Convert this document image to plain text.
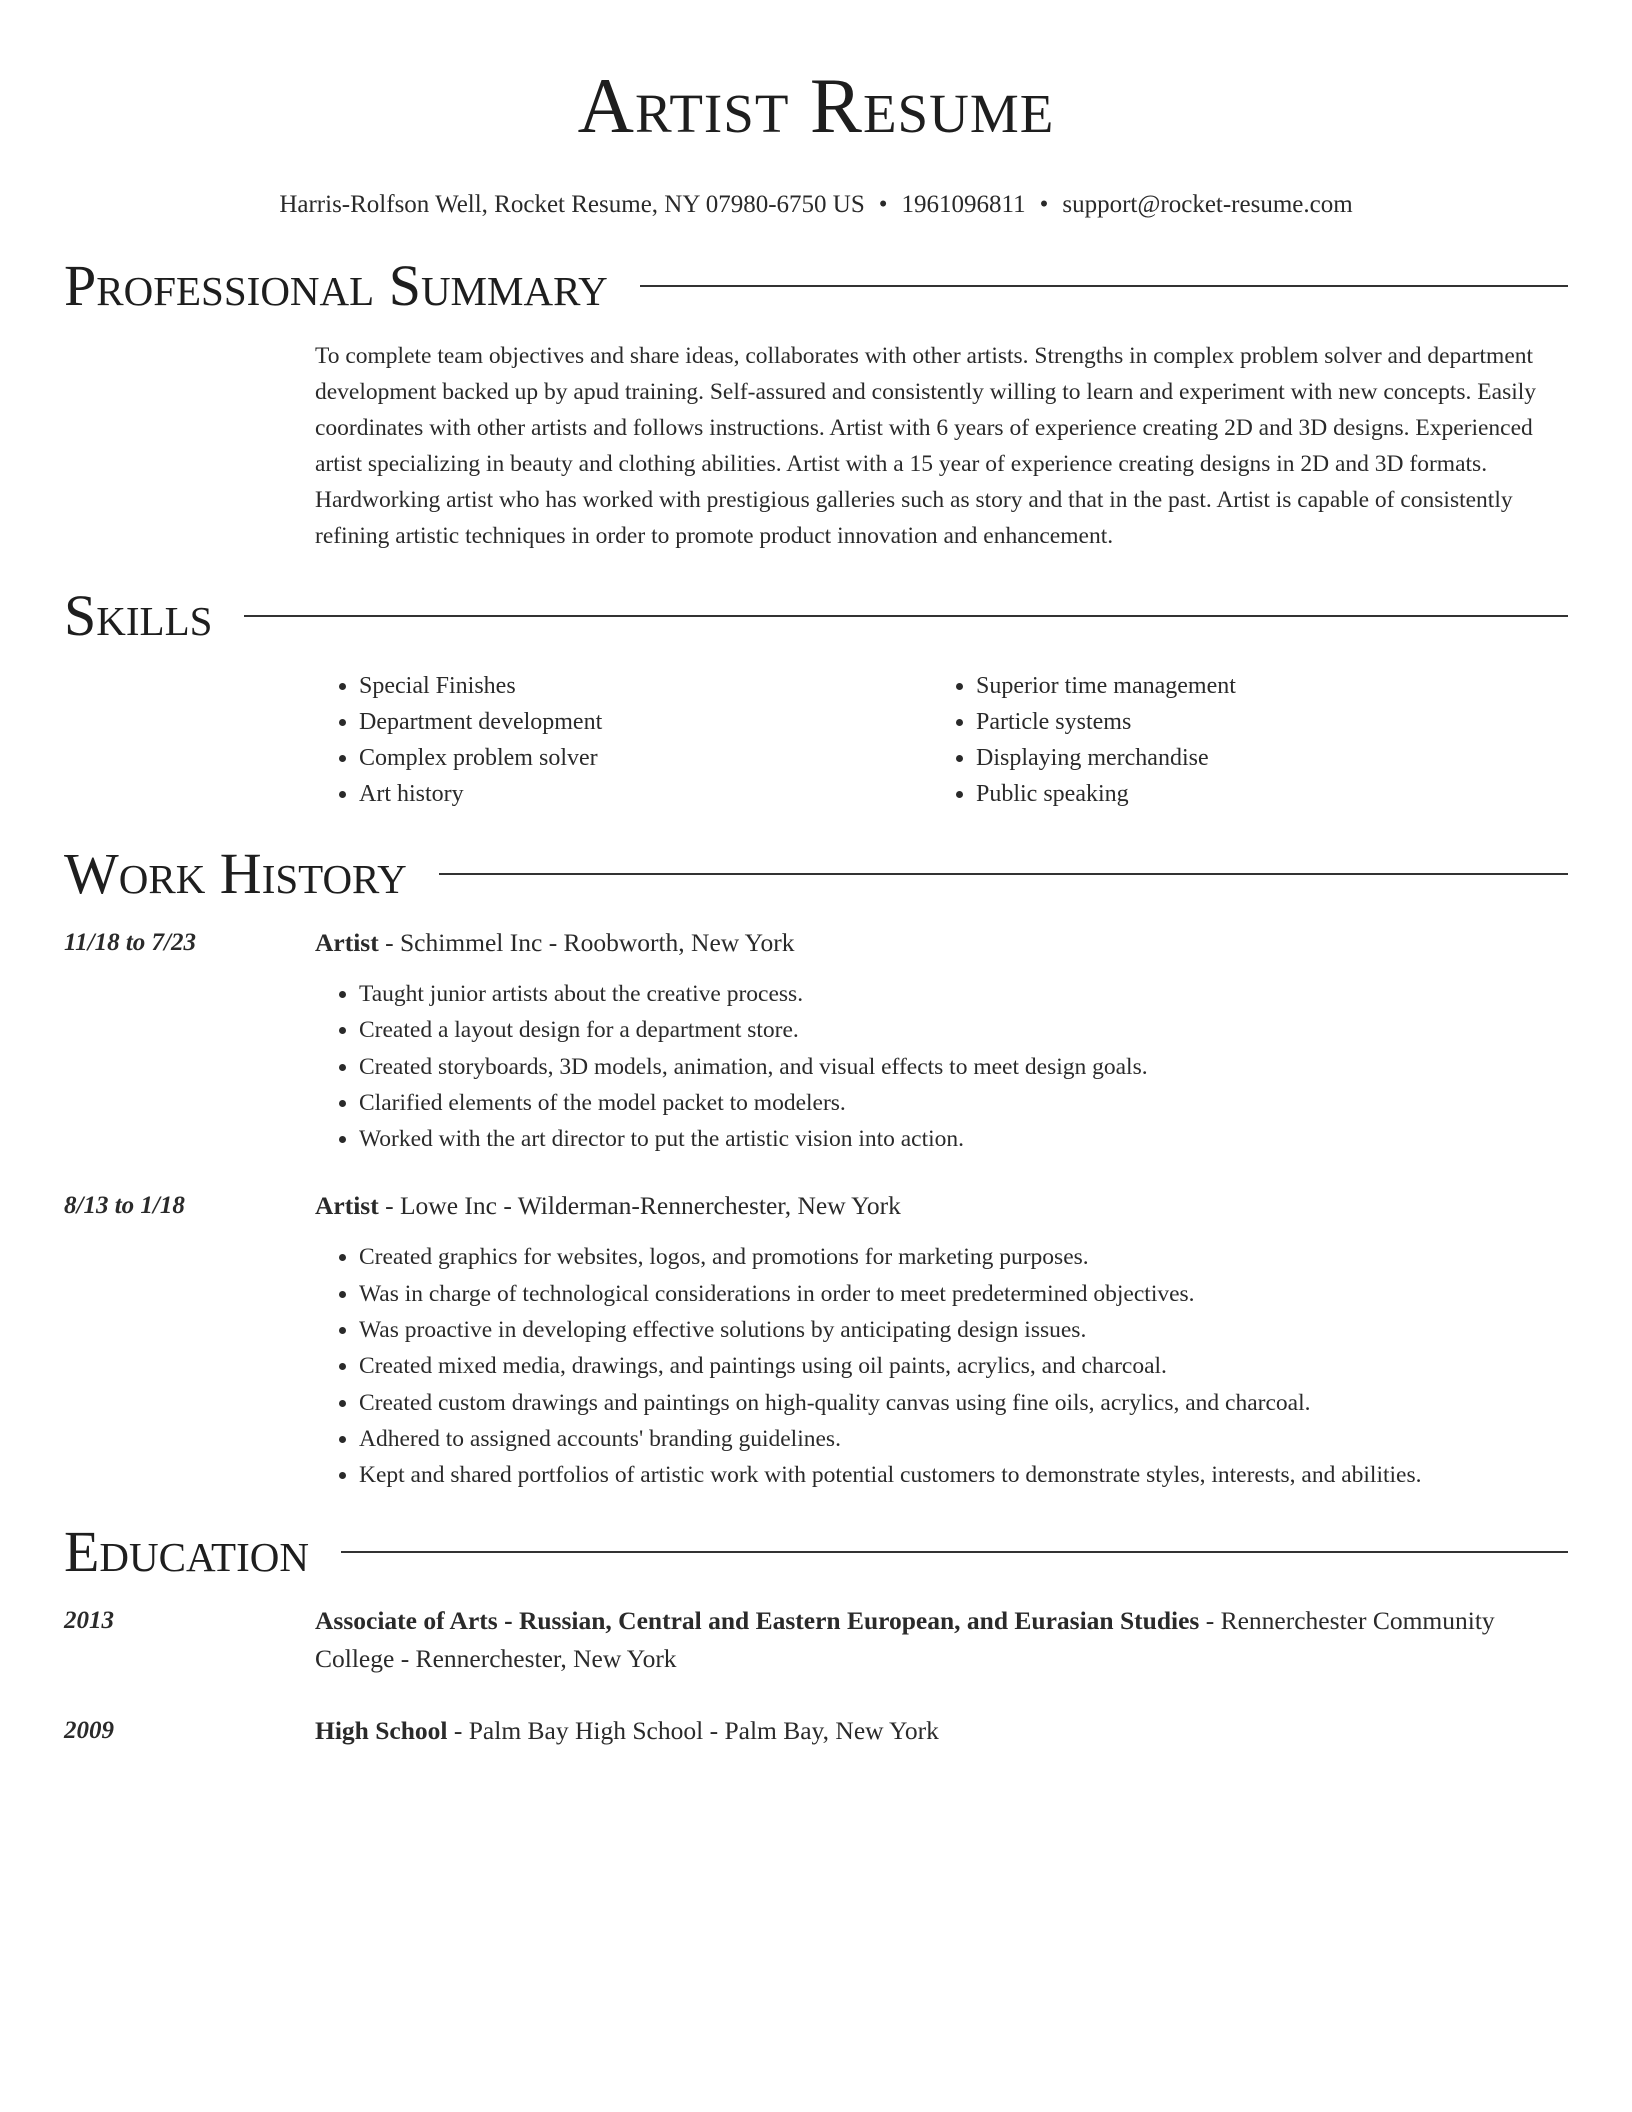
Artist Resume
Harris-Rolfson Well, Rocket Resume, NY 07980-6750 US • 1961096811 • support@rocket-resume.com
Professional Summary

To complete team objectives and share ideas, collaborates with other artists. Strengths in complex problem solver and department development backed up by apud training. Self-assured and consistently willing to learn and experiment with new concepts. Easily coordinates with other artists and follows instructions. Artist with 6 years of experience creating 2D and 3D designs. Experienced artist specializing in beauty and clothing abilities. Artist with a 15 year of experience creating designs in 2D and 3D formats. Hardworking artist who has worked with prestigious galleries such as story and that in the past. Artist is capable of consistently refining artistic techniques in order to promote product innovation and enhancement.

Skills
• Special Finishes
• Department development
• Complex problem solver
• Art history
• Superior time management
• Particle systems
• Displaying merchandise
• Public speaking
Work History
11/18 to 7/23	Artist - Schimmel Inc - Roobworth, New York
• Taught junior artists about the creative process.
• Created a layout design for a department store.
• Created storyboards, 3D models, animation, and visual effects to meet design goals.
• Clarified elements of the model packet to modelers.
• Worked with the art director to put the artistic vision into action.
8/13 to 1/18	Artist - Lowe Inc - Wilderman-Rennerchester, New York
• Created graphics for websites, logos, and promotions for marketing purposes.
• Was in charge of technological considerations in order to meet predetermined objectives.
• Was proactive in developing effective solutions by anticipating design issues.
• Created mixed media, drawings, and paintings using oil paints, acrylics, and charcoal.
• Created custom drawings and paintings on high-quality canvas using fine oils, acrylics, and charcoal.
• Adhered to assigned accounts' branding guidelines.
• Kept and shared portfolios of artistic work with potential customers to demonstrate styles, interests, and abilities.
Education
2013	Associate of Arts - Russian, Central and Eastern European, and Eurasian Studies - Rennerchester Community College - Rennerchester, New York
2009	High School - Palm Bay High School - Palm Bay, New York
